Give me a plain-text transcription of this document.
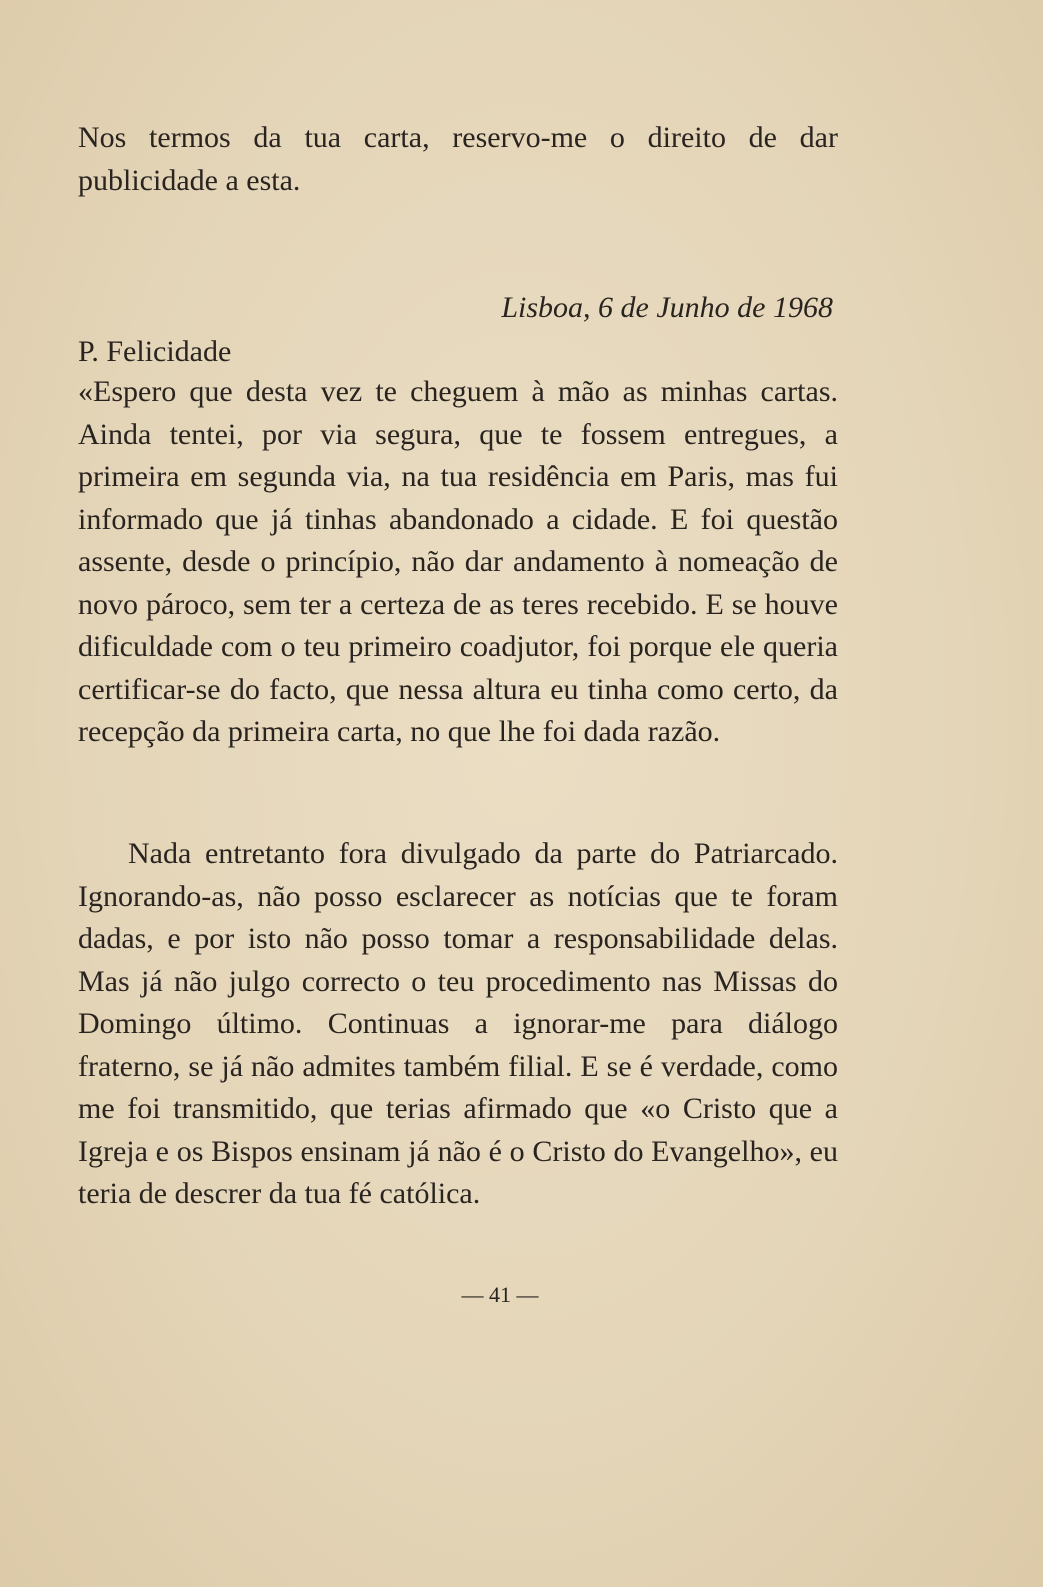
Nos termos da tua carta, reservo-me o direito de dar publicidade a esta.

Lisboa, 6 de Junho de 1968

P. Felicidade

«Espero que desta vez te cheguem à mão as minhas cartas. Ainda tentei, por via segura, que te fossem entregues, a primeira em segunda via, na tua residência em Paris, mas fui informado que já tinhas abandonado a cidade. E foi questão assente, desde o princípio, não dar andamento à nomeação de novo pároco, sem ter a certeza de as teres recebido. E se houve dificuldade com o teu primeiro coadjutor, foi porque ele queria certificar-se do facto, que nessa altura eu tinha como certo, da recepção da primeira carta, no que lhe foi dada razão.

Nada entretanto fora divulgado da parte do Patriarcado. Ignorando-as, não posso esclarecer as notícias que te foram dadas, e por isto não posso tomar a responsabilidade delas. Mas já não julgo correcto o teu procedimento nas Missas do Domingo último. Continuas a ignorar-me para diálogo fraterno, se já não admites também filial. E se é verdade, como me foi transmitido, que terias afirmado que «o Cristo que a Igreja e os Bispos ensinam já não é o Cristo do Evangelho», eu teria de descrer da tua fé católica.

— 41 —
